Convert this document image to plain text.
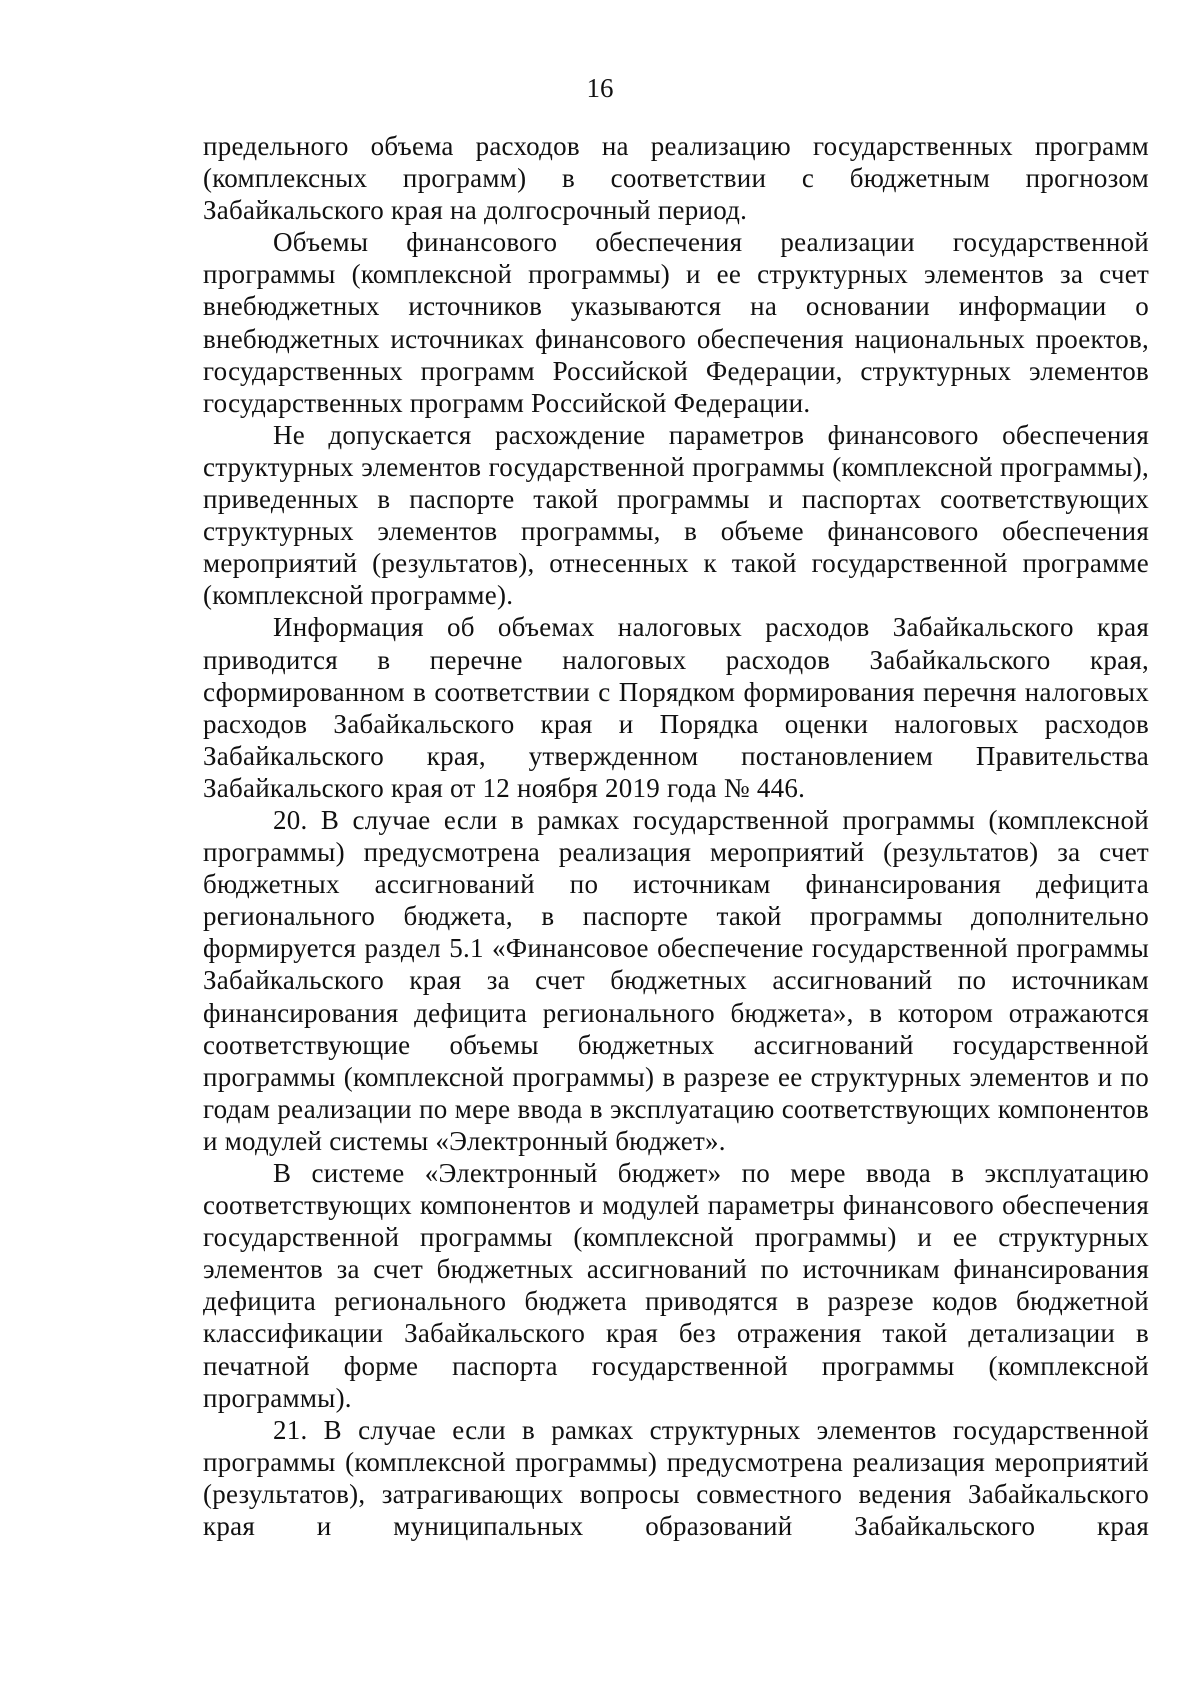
16

предельного объема расходов на реализацию государственных программ (комплексных программ) в соответствии с бюджетным прогнозом Забайкальского края на долгосрочный период.

Объемы финансового обеспечения реализации государственной программы (комплексной программы) и ее структурных элементов за счет внебюджетных источников указываются на основании информации о внебюджетных источниках финансового обеспечения национальных проектов, государственных программ Российской Федерации, структурных элементов государственных программ Российской Федерации.

Не допускается расхождение параметров финансового обеспечения структурных элементов государственной программы (комплексной программы), приведенных в паспорте такой программы и паспортах соответствующих структурных элементов программы, в объеме финансового обеспечения мероприятий (результатов), отнесенных к такой государственной программе (комплексной программе).

Информация об объемах налоговых расходов Забайкальского края приводится в перечне налоговых расходов Забайкальского края, сформированном в соответствии с Порядком формирования перечня налоговых расходов Забайкальского края и Порядка оценки налоговых расходов Забайкальского края, утвержденном постановлением Правительства Забайкальского края от 12 ноября 2019 года № 446.

20. В случае если в рамках государственной программы (комплексной программы) предусмотрена реализация мероприятий (результатов) за счет бюджетных ассигнований по источникам финансирования дефицита регионального бюджета, в паспорте такой программы дополнительно формируется раздел 5.1 «Финансовое обеспечение государственной программы Забайкальского края за счет бюджетных ассигнований по источникам финансирования дефицита регионального бюджета», в котором отражаются соответствующие объемы бюджетных ассигнований государственной программы (комплексной программы) в разрезе ее структурных элементов и по годам реализации по мере ввода в эксплуатацию соответствующих компонентов и модулей системы «Электронный бюджет».

В системе «Электронный бюджет» по мере ввода в эксплуатацию соответствующих компонентов и модулей параметры финансового обеспечения государственной программы (комплексной программы) и ее структурных элементов за счет бюджетных ассигнований по источникам финансирования дефицита регионального бюджета приводятся в разрезе кодов бюджетной классификации Забайкальского края без отражения такой детализации в печатной форме паспорта государственной программы (комплексной программы).

21. В случае если в рамках структурных элементов государственной программы (комплексной программы) предусмотрена реализация мероприятий (результатов), затрагивающих вопросы совместного ведения Забайкальского края и муниципальных образований Забайкальского края
